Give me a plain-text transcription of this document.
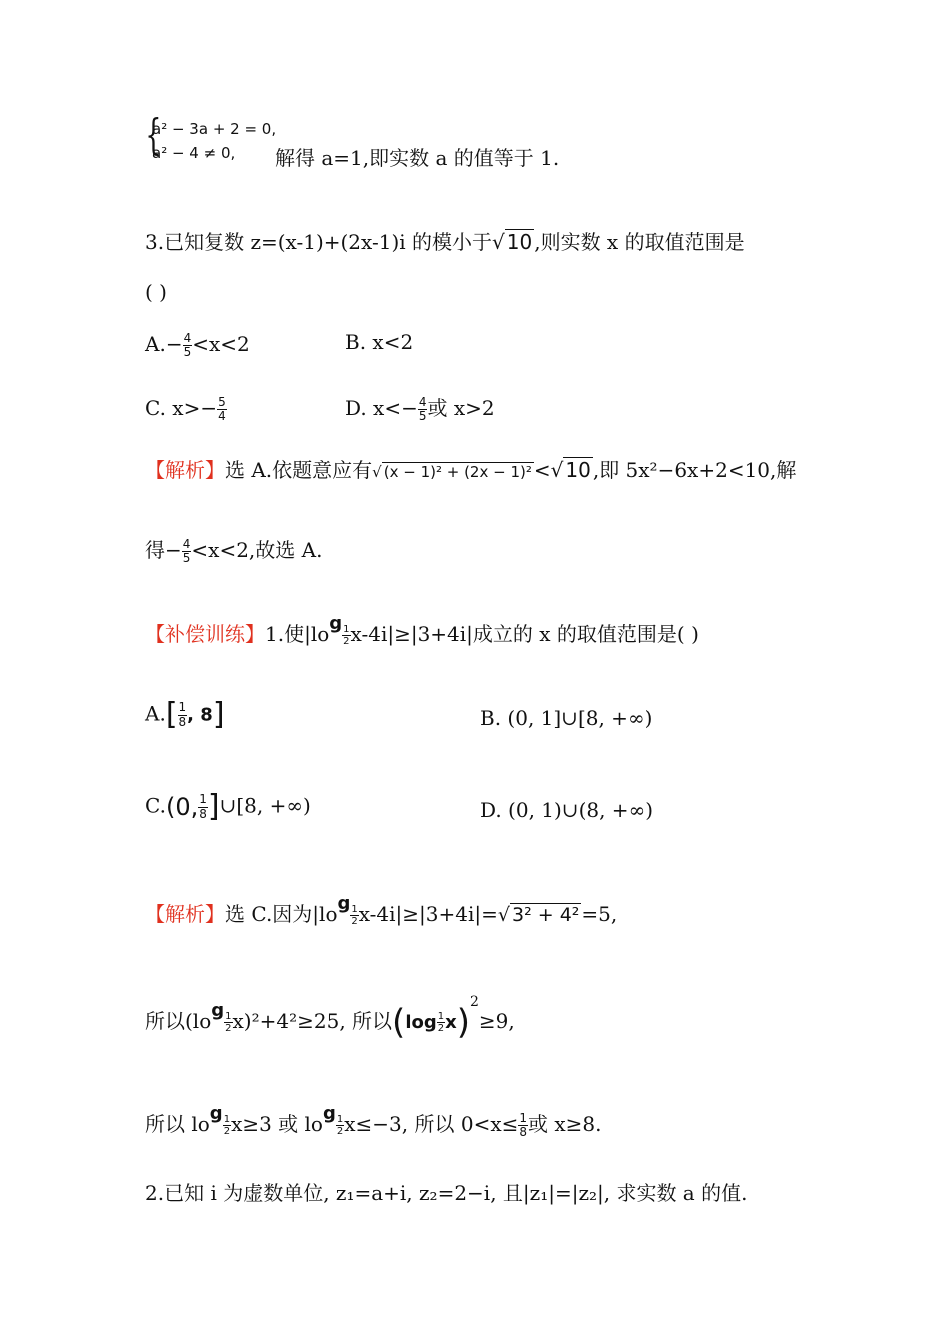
{
a² − 3a + 2 = 0,
a² − 4 ≠ 0, 解得 a=1,即实数 a 的值等于 1.
3.已知复数 z=(x-1)+(2x-1)i 的模小于√ 10 ,则实数 x 的取值范围是
( )
$A.- \frac{4}{5} <x<2$	B. x<2
C. $x>- \frac{5}{4}$	D. $x<- \frac{4}{5}$ 或 x>2
【解析】选 A.依题意应有√ (x − 1)² + (2x − 1)² <√ 10 ,即 5x²−6x+2<10,解
得− $\frac{4}{5} <x<2$,故选 A.
【补偿训练】1.使|log
$\frac{1}{2} x-4i|\ge|3+4i|$成立的 x 的取值范围是( )
$A.[ \frac{1}{8}$ , 8]	B. (0, 1]∪[8, +∞)
C.(0, $\frac{1}{8}$ ]∪[8, +∞)	D. (0, 1)∪(8, +∞)
【解析】选 C.因为|log
$\frac{1}{2} x-4i|\ge|3+4i|=√$ 3² + 4² =5,
所以(log
$\frac{1}{2} x)^2+4^2\ge 25$, 所以$(\log \frac{1}{2} x)^2\ge 9$,
所以 log
$\frac{1}{2} x\ge 3$ 或 log
$\frac{1}{2} x\le-3$, 所以 $0<x\le \frac{1}{8}$ 或 x≥8.
2.已知 i 为虚数单位, z₁=a+i, z₂=2−i, 且|z₁|=|z₂|, 求实数 a 的值.
